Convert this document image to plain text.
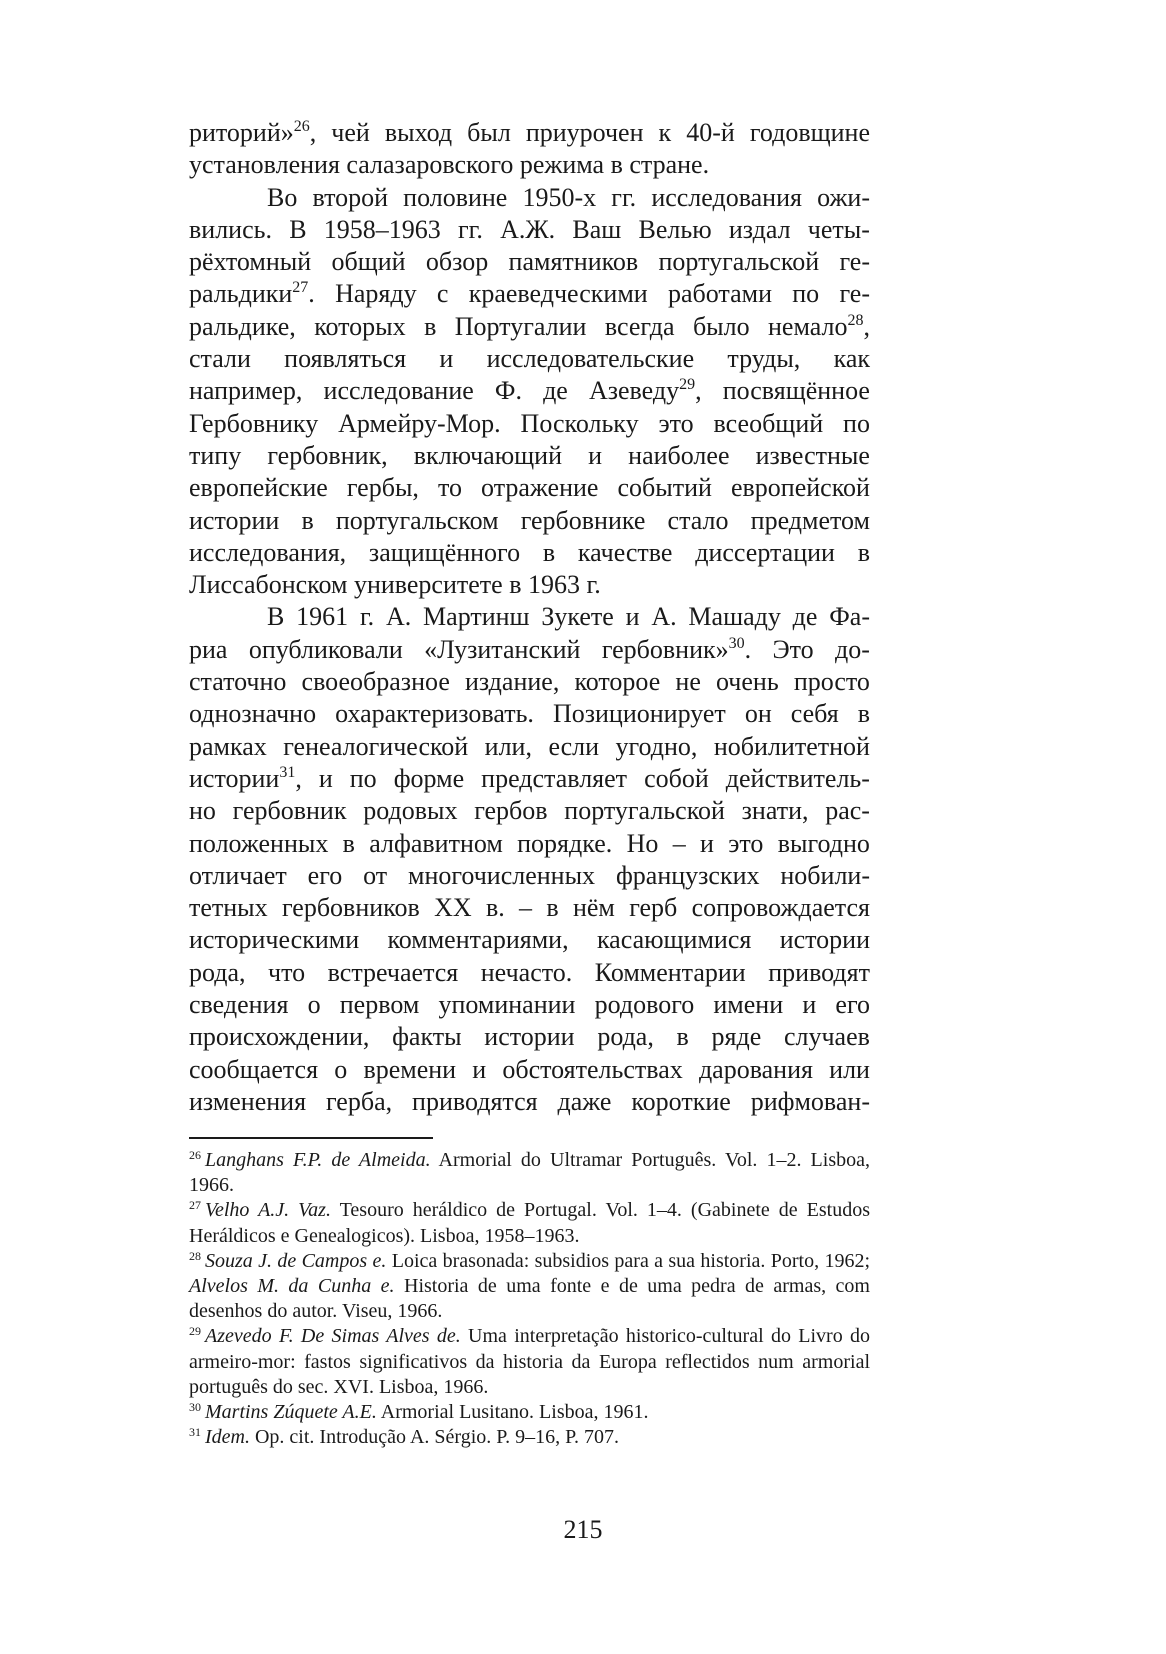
риторий»$^{26}$, чей выход был приурочен к 40-й годовщине
установления салазаровского режима в стране.
Во второй половине 1950-х гг. исследования ожи-
вились. В 1958–1963 гг. А.Ж. Ваш Велью издал четы-
рёхтомный общий обзор памятников португальской ге-
ральдики$^{27}$. Наряду с краеведческими работами по ге-
ральдике, которых в Португалии всегда было немало$^{28}$,
стали появляться и исследовательские труды, как
например, исследование Ф. де Азеведу$^{29}$, посвящённое
Гербовнику Армейру-Мор. Поскольку это всеобщий по
типу гербовник, включающий и наиболее известные
европейские гербы, то отражение событий европейской
истории в португальском гербовнике стало предметом
исследования, защищённого в качестве диссертации в
Лиссабонском университете в 1963 г.
В 1961 г. А. Мартинш Зукете и А. Машаду де Фа-
риа опубликовали «Лузитанский гербовник»$^{30}$. Это до-
статочно своеобразное издание, которое не очень просто
однозначно охарактеризовать. Позиционирует он себя в
рамках генеалогической или, если угодно, нобилитетной
истории$^{31}$, и по форме представляет собой действитель-
но гербовник родовых гербов португальской знати, рас-
положенных в алфавитном порядке. Но – и это выгодно
отличает его от многочисленных французских нобили-
тетных гербовников XX в. – в нём герб сопровождается
историческими комментариями, касающимися истории
рода, что встречается нечасто. Комментарии приводят
сведения о первом упоминании родового имени и его
происхождении, факты истории рода, в ряде случаев
сообщается о времени и обстоятельствах дарования или
изменения герба, приводятся даже короткие рифмован-
$^{26}$ Langhans F.P. de Almeida. Armorial do Ultramar Português. Vol. 1–2. Lisboa, 1966.
$^{27}$ Velho A.J. Vaz. Tesouro heráldico de Portugal. Vol. 1–4. (Gabinete de Estudos Heráldicos e Genealogicos). Lisboa, 1958–1963.
$^{28}$ Souza J. de Campos e. Loica brasonada: subsidios para a sua historia. Porto, 1962; Alvelos M. da Cunha e. Historia de uma fonte e de uma pedra de armas, com desenhos do autor. Viseu, 1966.
$^{29}$ Azevedo F. De Simas Alves de. Uma interpretação historico-cultural do Livro do armeiro-mor: fastos significativos da historia da Europa reflectidos num armorial português do sec. XVI. Lisboa, 1966.
$^{30}$ Martins Zúquete A.E. Armorial Lusitano. Lisboa, 1961.
$^{31}$ Idem. Op. cit. Introdução A. Sérgio. P. 9–16, P. 707.
215
